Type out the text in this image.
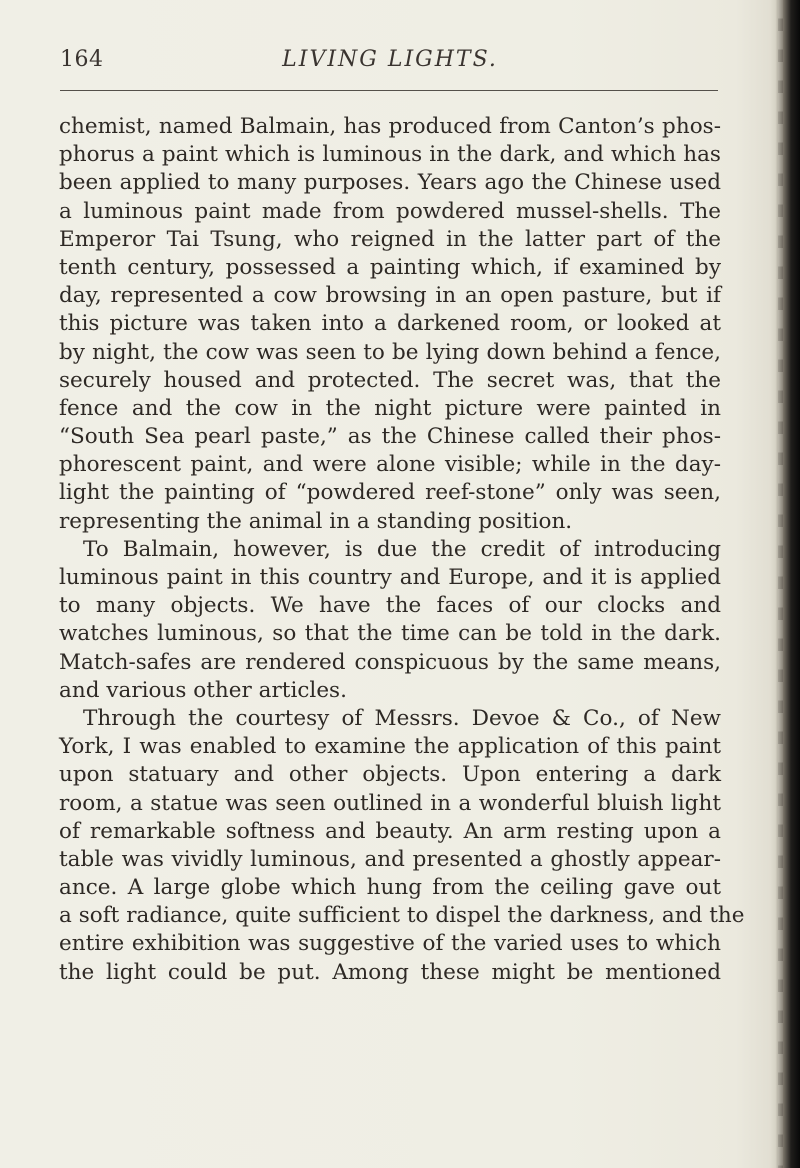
164	LIVING LIGHTS.
chemist, named Balmain, has produced from Canton’s phos-
phorus a paint which is luminous in the dark, and which has
been applied to many purposes. Years ago the Chinese used
a luminous paint made from powdered mussel-shells. The
Emperor Tai Tsung, who reigned in the latter part of the
tenth century, possessed a painting which, if examined by
day, represented a cow browsing in an open pasture, but if
this picture was taken into a darkened room, or looked at
by night, the cow was seen to be lying down behind a fence,
securely housed and protected. The secret was, that the
fence and the cow in the night picture were painted in
“South Sea pearl paste,” as the Chinese called their phos-
phorescent paint, and were alone visible; while in the day-
light the painting of “powdered reef-stone” only was seen,
representing the animal in a standing position.
To Balmain, however, is due the credit of introducing
luminous paint in this country and Europe, and it is applied
to many objects. We have the faces of our clocks and
watches luminous, so that the time can be told in the dark.
Match-safes are rendered conspicuous by the same means,
and various other articles.
Through the courtesy of Messrs. Devoe & Co., of New
York, I was enabled to examine the application of this paint
upon statuary and other objects. Upon entering a dark
room, a statue was seen outlined in a wonderful bluish light
of remarkable softness and beauty. An arm resting upon a
table was vividly luminous, and presented a ghostly appear-
ance. A large globe which hung from the ceiling gave out
a soft radiance, quite sufficient to dispel the darkness, and the
entire exhibition was suggestive of the varied uses to which
the light could be put. Among these might be mentioned
